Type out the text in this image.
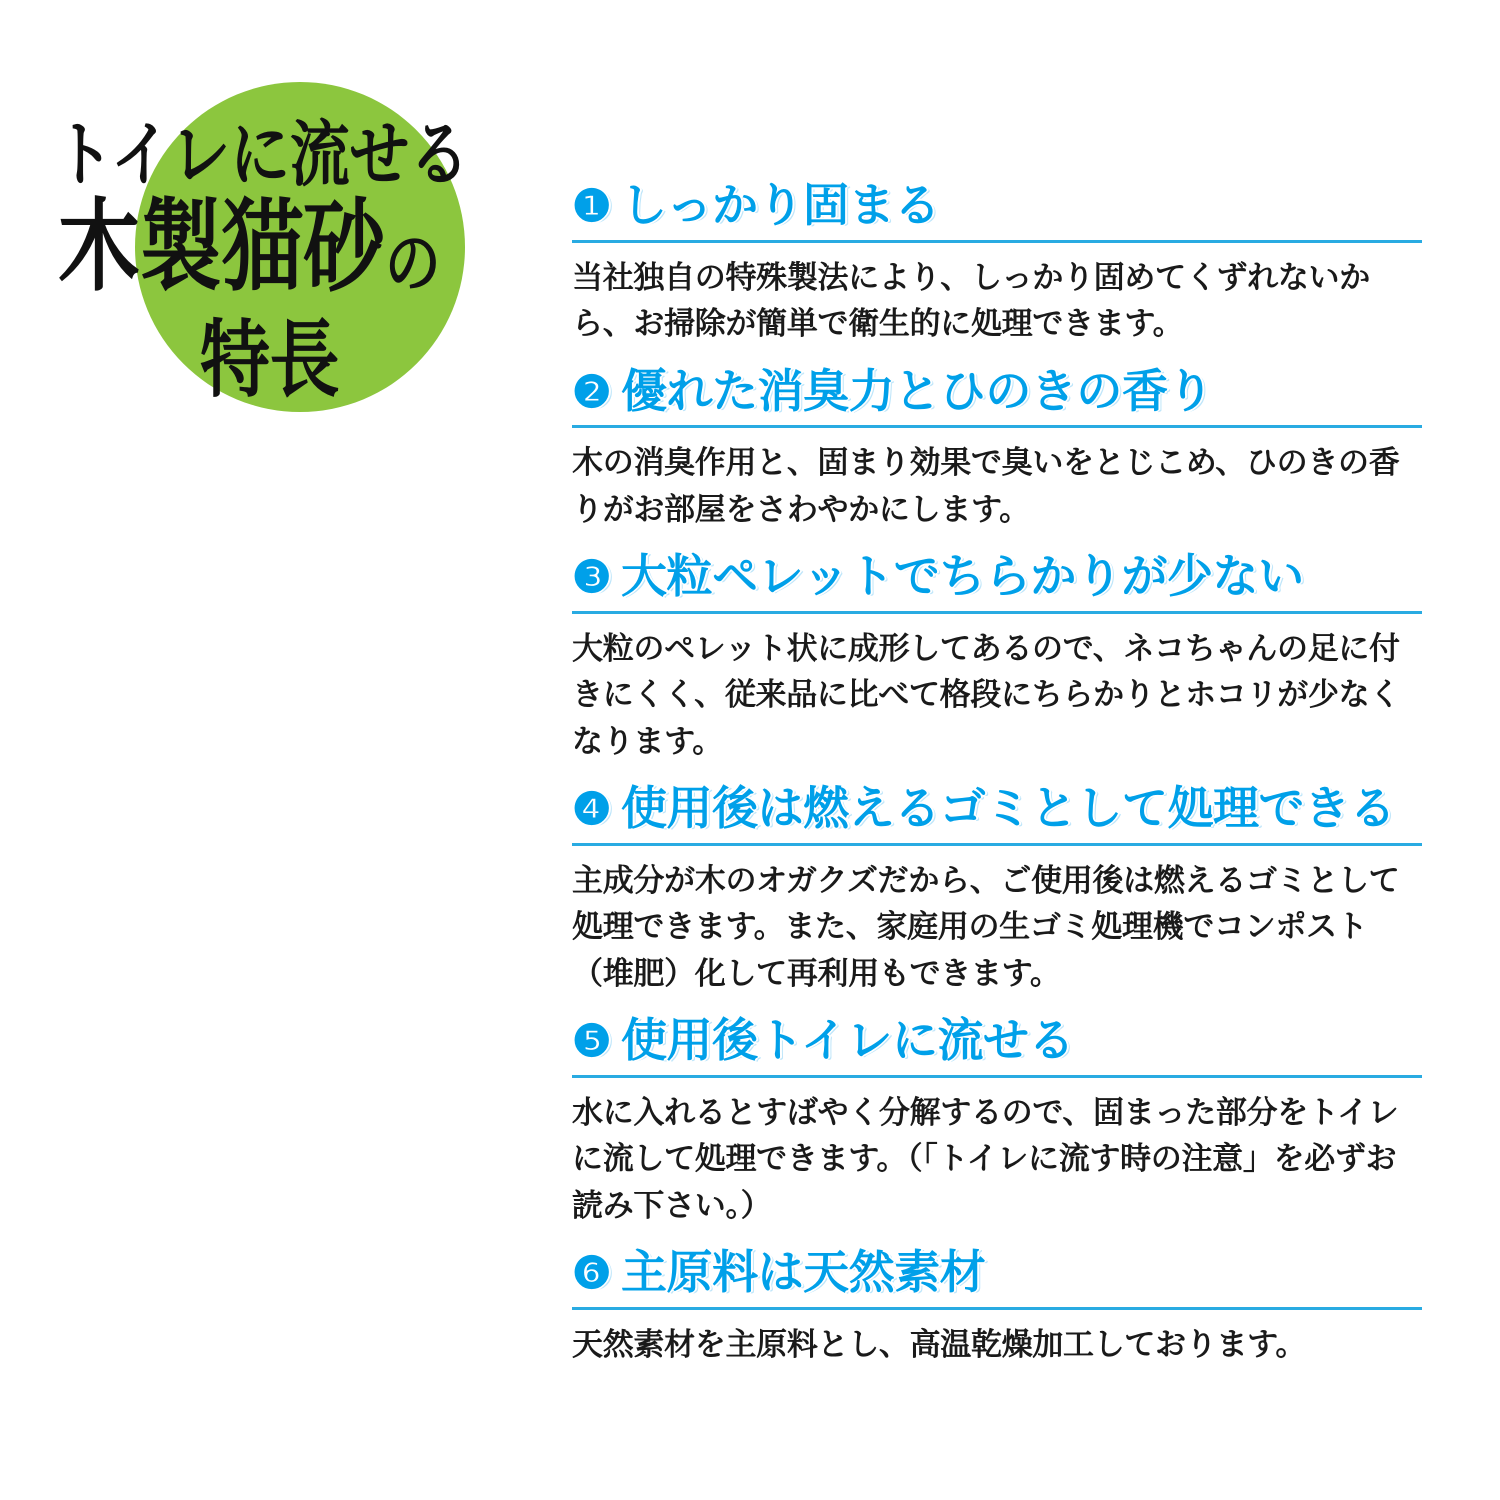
トイレに流せる
木製猫砂の
特長
❶ しっかり固まる
当社独自の特殊製法により、しっかり固めてくずれないから、お掃除が簡単で衛生的に処理できます。
❷ 優れた消臭力とひのきの香り
木の消臭作用と、固まり効果で臭いをとじこめ、ひのきの香りがお部屋をさわやかにします。
❸ 大粒ペレットでちらかりが少ない
大粒のペレット状に成形してあるので、ネコちゃんの足に付きにくく、従来品に比べて格段にちらかりとホコリが少なくなります。
❹ 使用後は燃えるゴミとして処理できる
主成分が木のオガクズだから、ご使用後は燃えるゴミとして処理できます。また、家庭用の生ゴミ処理機でコンポスト（堆肥）化して再利用もできます。
❺ 使用後トイレに流せる
水に入れるとすばやく分解するので、固まった部分をトイレに流して処理できます。（「トイレに流す時の注意」を必ずお読み下さい。）
❻ 主原料は天然素材
天然素材を主原料とし、高温乾燥加工しております。
